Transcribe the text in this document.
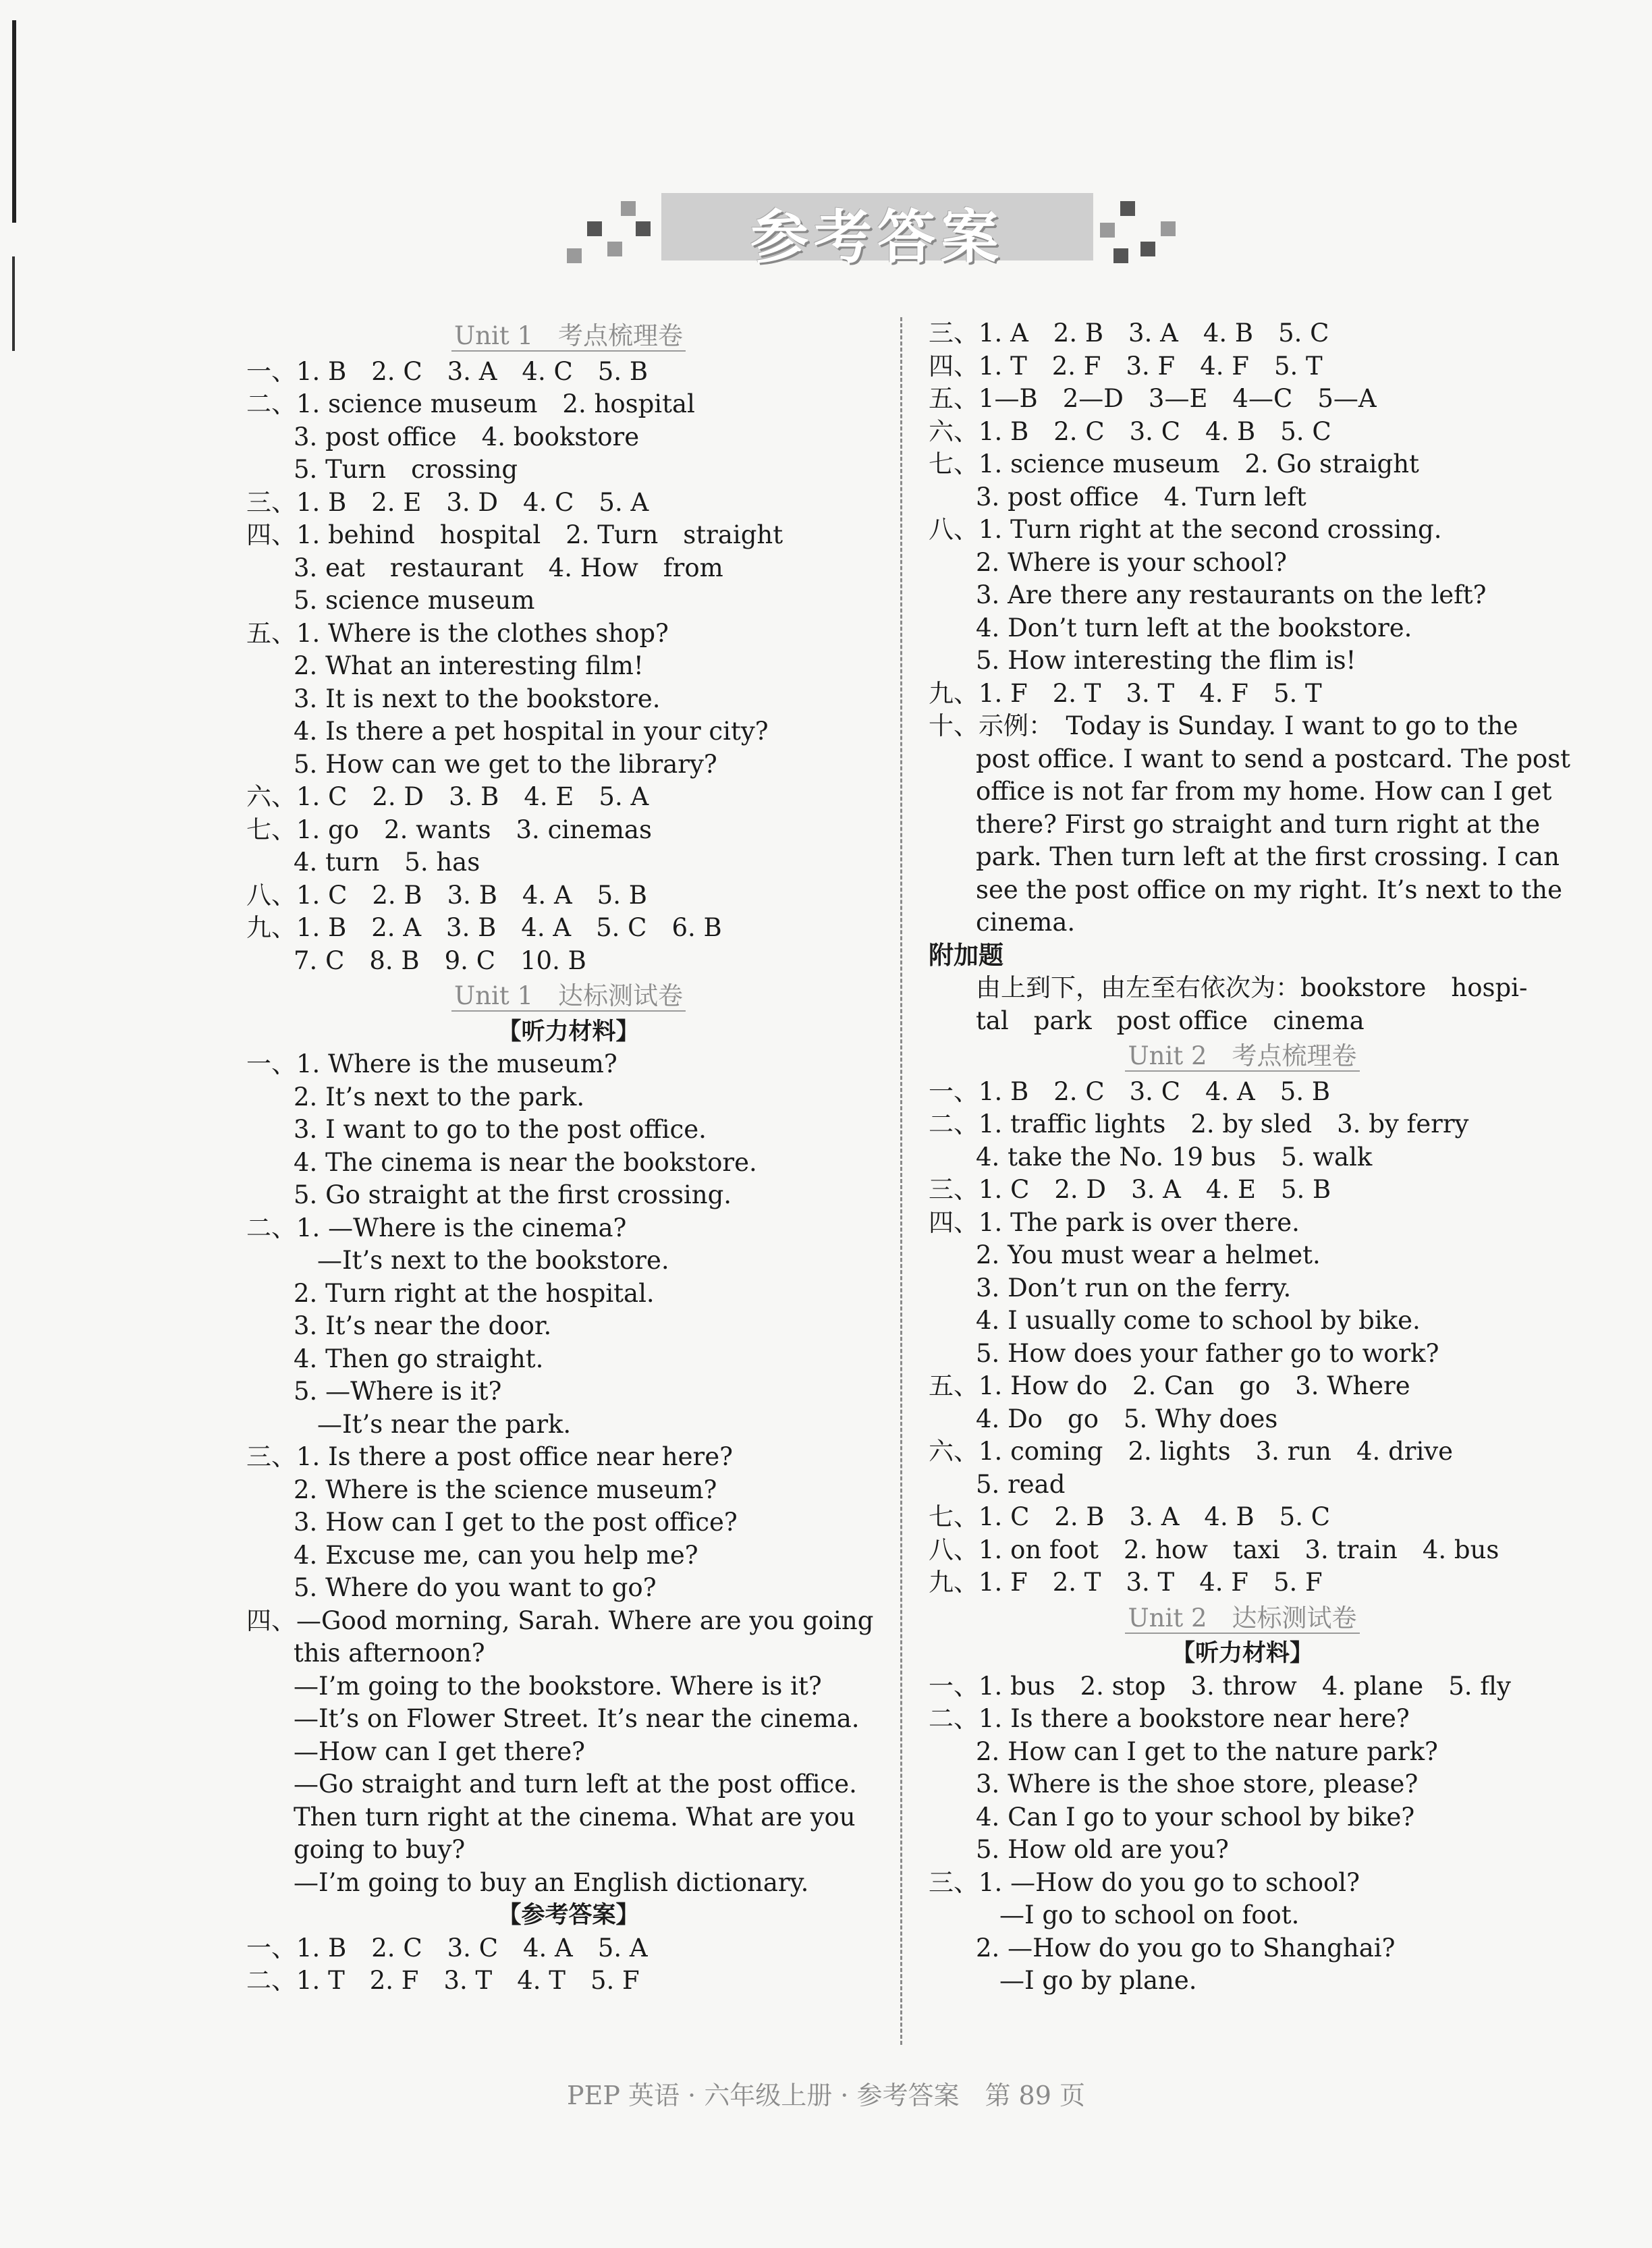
参考答案
Unit 1　考点梳理卷
一、1. B　2. C　3. A　4. C　5. B
二、1. science museum　2. hospital
3. post office　4. bookstore
5. Turn　crossing
三、1. B　2. E　3. D　4. C　5. A
四、1. behind　hospital　2. Turn　straight
3. eat　restaurant　4. How　from
5. science museum
五、1. Where is the clothes shop?
2. What an interesting film!
3. It is next to the bookstore.
4. Is there a pet hospital in your city?
5. How can we get to the library?
六、1. C　2. D　3. B　4. E　5. A
七、1. go　2. wants　3. cinemas
4. turn　5. has
八、1. C　2. B　3. B　4. A　5. B
九、1. B　2. A　3. B　4. A　5. C　6. B
7. C　8. B　9. C　10. B
Unit 1　达标测试卷
【听力材料】
一、1. Where is the museum?
2. It’s next to the park.
3. I want to go to the post office.
4. The cinema is near the bookstore.
5. Go straight at the first crossing.
二、1. —Where is the cinema?
—It’s next to the bookstore.
2. Turn right at the hospital.
3. It’s near the door.
4. Then go straight.
5. —Where is it?
—It’s near the park.
三、1. Is there a post office near here?
2. Where is the science museum?
3. How can I get to the post office?
4. Excuse me, can you help me?
5. Where do you want to go?
四、—Good morning, Sarah. Where are you going
this afternoon?
—I’m going to the bookstore. Where is it?
—It’s on Flower Street. It’s near the cinema.
—How can I get there?
—Go straight and turn left at the post office.
Then turn right at the cinema. What are you
going to buy?
—I’m going to buy an English dictionary.
【参考答案】
一、1. B　2. C　3. C　4. A　5. A
二、1. T　2. F　3. T　4. T　5. F
三、1. A　2. B　3. A　4. B　5. C
四、1. T　2. F　3. F　4. F　5. T
五、1—B　2—D　3—E　4—C　5—A
六、1. B　2. C　3. C　4. B　5. C
七、1. science museum　2. Go straight
3. post office　4. Turn left
八、1. Turn right at the second crossing.
2. Where is your school?
3. Are there any restaurants on the left?
4. Don’t turn left at the bookstore.
5. How interesting the flim is!
九、1. F　2. T　3. T　4. F　5. T
十、示例：　Today is Sunday. I want to go to the
post office. I want to send a postcard. The post
office is not far from my home. How can I get
there? First go straight and turn right at the
park. Then turn left at the first crossing. I can
see the post office on my right. It’s next to the
cinema.
附加题
由上到下，由左至右依次为：bookstore　hospi-
tal　park　post office　cinema
Unit 2　考点梳理卷
一、1. B　2. C　3. C　4. A　5. B
二、1. traffic lights　2. by sled　3. by ferry
4. take the No. 19 bus　5. walk
三、1. C　2. D　3. A　4. E　5. B
四、1. The park is over there.
2. You must wear a helmet.
3. Don’t run on the ferry.
4. I usually come to school by bike.
5. How does your father go to work?
五、1. How do　2. Can　go　3. Where
4. Do　go　5. Why does
六、1. coming　2. lights　3. run　4. drive
5. read
七、1. C　2. B　3. A　4. B　5. C
八、1. on foot　2. how　taxi　3. train　4. bus
九、1. F　2. T　3. T　4. F　5. F
Unit 2　达标测试卷
【听力材料】
一、1. bus　2. stop　3. throw　4. plane　5. fly
二、1. Is there a bookstore near here?
2. How can I get to the nature park?
3. Where is the shoe store, please?
4. Can I go to your school by bike?
5. How old are you?
三、1. —How do you go to school?
—I go to school on foot.
2. —How do you go to Shanghai?
—I go by plane.
PEP 英语 · 六年级上册 · 参考答案　第 89 页
